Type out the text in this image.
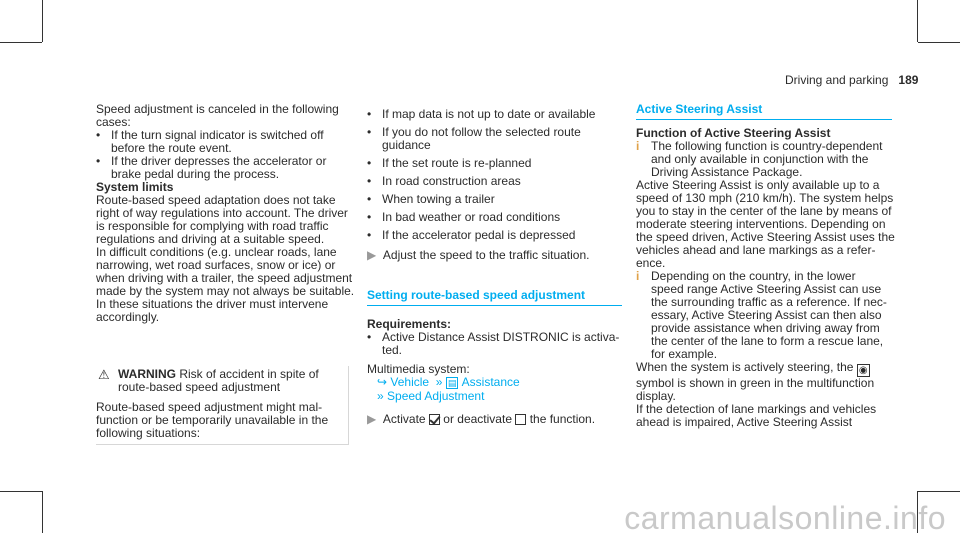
Driving and parking 189

Speed adjustment is canceled in the following

cases:

• If the turn signal indicator is switched off

before the route event.

• If the driver depresses the accelerator or

brake pedal during the process.

System limits

Route-based speed adaptation does not take

right of way regulations into account. The driver

is responsible for complying with road traffic

regulations and driving at a suitable speed.

In difficult conditions (e.g. unclear roads, lane

narrowing, wet road surfaces, snow or ice) or

when driving with a trailer, the speed adjustment

made by the system may not always be suitable.

In these situations the driver must intervene

accordingly.

⚠ WARNING Risk of accident in spite of

route-based speed adjustment

Route-based speed adjustment might mal-

function or be temporarily unavailable in the

following situations:

• If map data is not up to date or available

• If you do not follow the selected route

guidance

• If the set route is re-planned

• In road construction areas

• When towing a trailer

• In bad weather or road conditions

• If the accelerator pedal is depressed

▶ Adjust the speed to the traffic situation.

Setting route-based speed adjustment

Requirements:

• Active Distance Assist DISTRONIC is activa-

ted.

Multimedia system:

↪ Vehicle » ▤ Assistance

» Speed Adjustment

▶ Activate or deactivate the function.

Active Steering Assist

Function of Active Steering Assist

i The following function is country-dependent

and only available in conjunction with the

Driving Assistance Package.

Active Steering Assist is only available up to a

speed of 130 mph (210 km/h). The system helps

you to stay in the center of the lane by means of

moderate steering interventions. Depending on

the speed driven, Active Steering Assist uses the

vehicles ahead and lane markings as a refer-

ence.

i Depending on the country, in the lower

speed range Active Steering Assist can use

the surrounding traffic as a reference. If nec-

essary, Active Steering Assist can then also

provide assistance when driving away from

the center of the lane to form a rescue lane,

for example.

When the system is actively steering, the ◉

symbol is shown in green in the multifunction

display.

If the detection of lane markings and vehicles

ahead is impaired, Active Steering Assist

carmanualsonline.info
